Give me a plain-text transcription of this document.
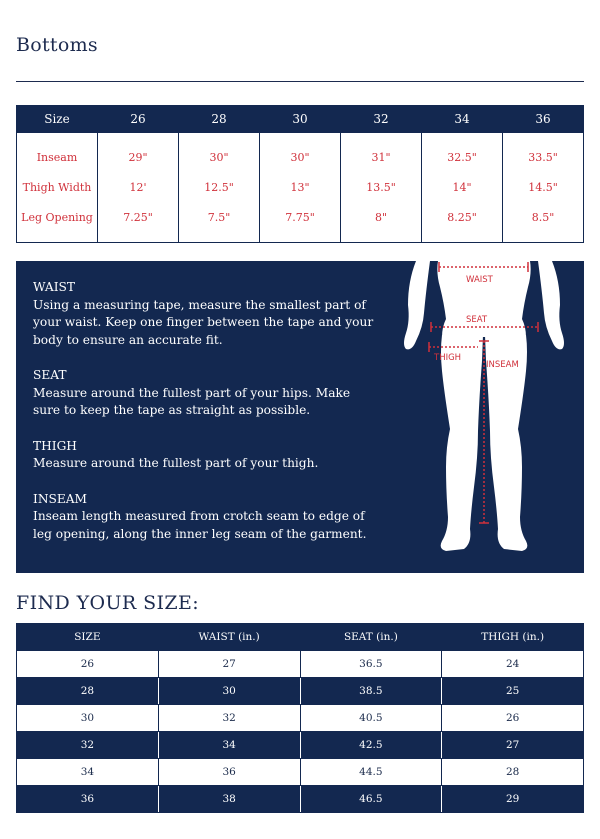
Bottoms
Size	26	28	30	32	34	36
Inseam	29"	30"	30"	31"	32.5"	33.5"
Thigh Width	12'	12.5"	13"	13.5"	14"	14.5"
Leg Opening	7.25"	7.5"	7.75"	8"	8.25"	8.5"
WAIST
Using a measuring tape, measure the smallest part of your waist. Keep one finger between the tape and your body to ensure an accurate fit.
SEAT
Measure around the fullest part of your hips. Make sure to keep the tape as straight as possible.
THIGH
Measure around the fullest part of your thigh.
INSEAM
Inseam length measured from crotch seam to edge of leg opening, along the inner leg seam of the garment.
WAIST
SEAT
THIGH
INSEAM
FIND YOUR SIZE:
SIZE	WAIST (in.)	SEAT (in.)	THIGH (in.)
26	27	36.5	24
28	30	38.5	25
30	32	40.5	26
32	34	42.5	27
34	36	44.5	28
36	38	46.5	29
